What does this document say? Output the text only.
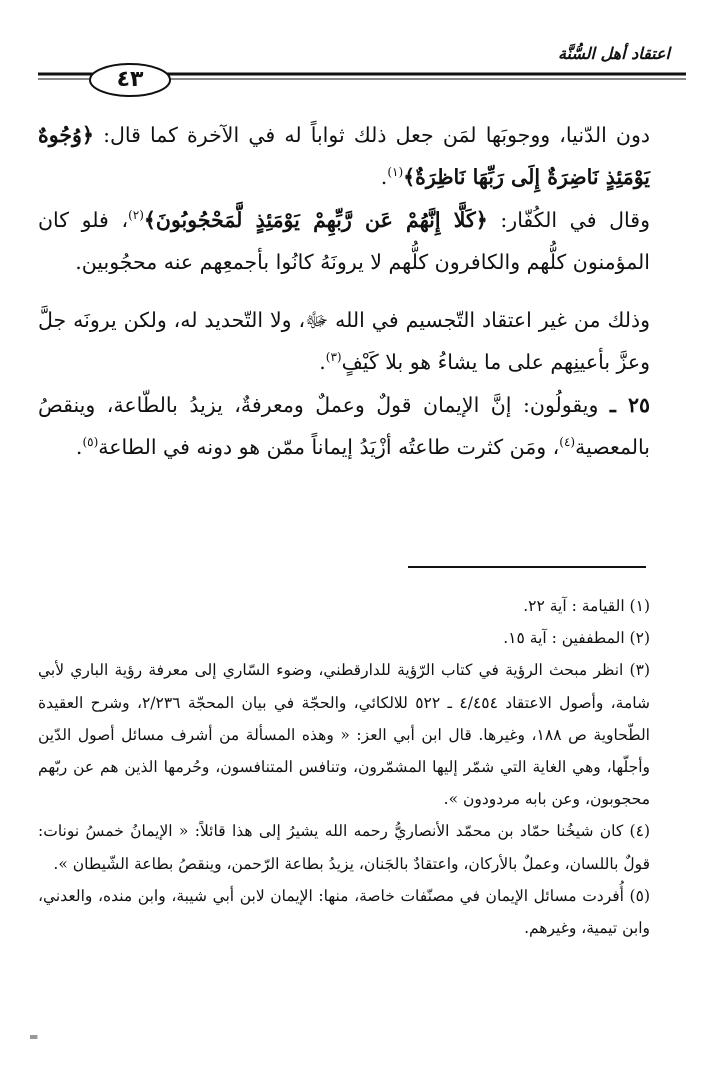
اعتقاد أهل السُّنَّة
٤٣

دون الدّنيا، ووجوبَها لمَن جعل ذلك ثواباً له في الآخرة كما قال: ﴿وُجُوهٌ يَوْمَئِذٍ نَاضِرَةٌ إِلَى رَبِّهَا نَاظِرَةٌ﴾$^{(١)}$.

وقال في الكُفّار: ﴿كَلَّا إِنَّهُمْ عَن رَّبِّهِمْ يَوْمَئِذٍ لَّمَحْجُوبُونَ﴾$^{(٢)}$، فلو كان المؤمنون كلُّهم والكافرون كلُّهم لا يرونَهُ كانُوا بأجمعِهم عنه محجُوبين.

وذلك من غير اعتقاد التّجسيم في الله ﷻ، ولا التّحديد له، ولكن يرونَه جلَّ وعزَّ بأعينِهم على ما يشاءُ هو بلا كَيْفٍ$^{(٣)}$.

٢٥ ـ ويقولُون: إنَّ الإيمان قولٌ وعملٌ ومعرفةٌ، يزيدُ بالطّاعة، وينقصُ بالمعصية$^{(٤)}$، ومَن كثرت طاعتُه أزْيَدُ إيماناً ممّن هو دونه في الطاعة$^{(٥)}$.

(١) القيامة : آية ٢٢.

(٢) المطففين : آية ١٥.

(٣) انظر مبحث الرؤية في كتاب الرّؤية للدارقطني، وضوء السّاري إلى معرفة رؤية الباري لأبي شامة، وأصول الاعتقاد ٤/٤٥٤ ـ ٥٢٢ للالكائي، والحجّة في بيان المحجّة ٢/٢٣٦، وشرح العقيدة الطّحاوية ص ١٨٨، وغيرها. قال ابن أبي العز: « وهذه المسألة من أشرف مسائل أصول الدّين وأجلّها، وهي الغاية التي شمّر إليها المشمّرون، وتنافس المتنافسون، وحُرمها الذين هم عن ربّهم محجوبون، وعن بابه مردودون ».

(٤) كان شيخُنا حمّاد بن محمّد الأنصاريُّ رحمه الله يشيرُ إلى هذا قائلاً: « الإيمانُ خمسُ نونات: قولٌ باللسان، وعملٌ بالأركان، واعتقادٌ بالجَنان، يزيدُ بطاعة الرّحمن، وينقصُ بطاعة الشّيطان ».

(٥) أُفردت مسائل الإيمان في مصنّفات خاصة، منها: الإيمان لابن أبي شيبة، وابن منده، والعدني، وابن تيمية، وغيرهم.

═
